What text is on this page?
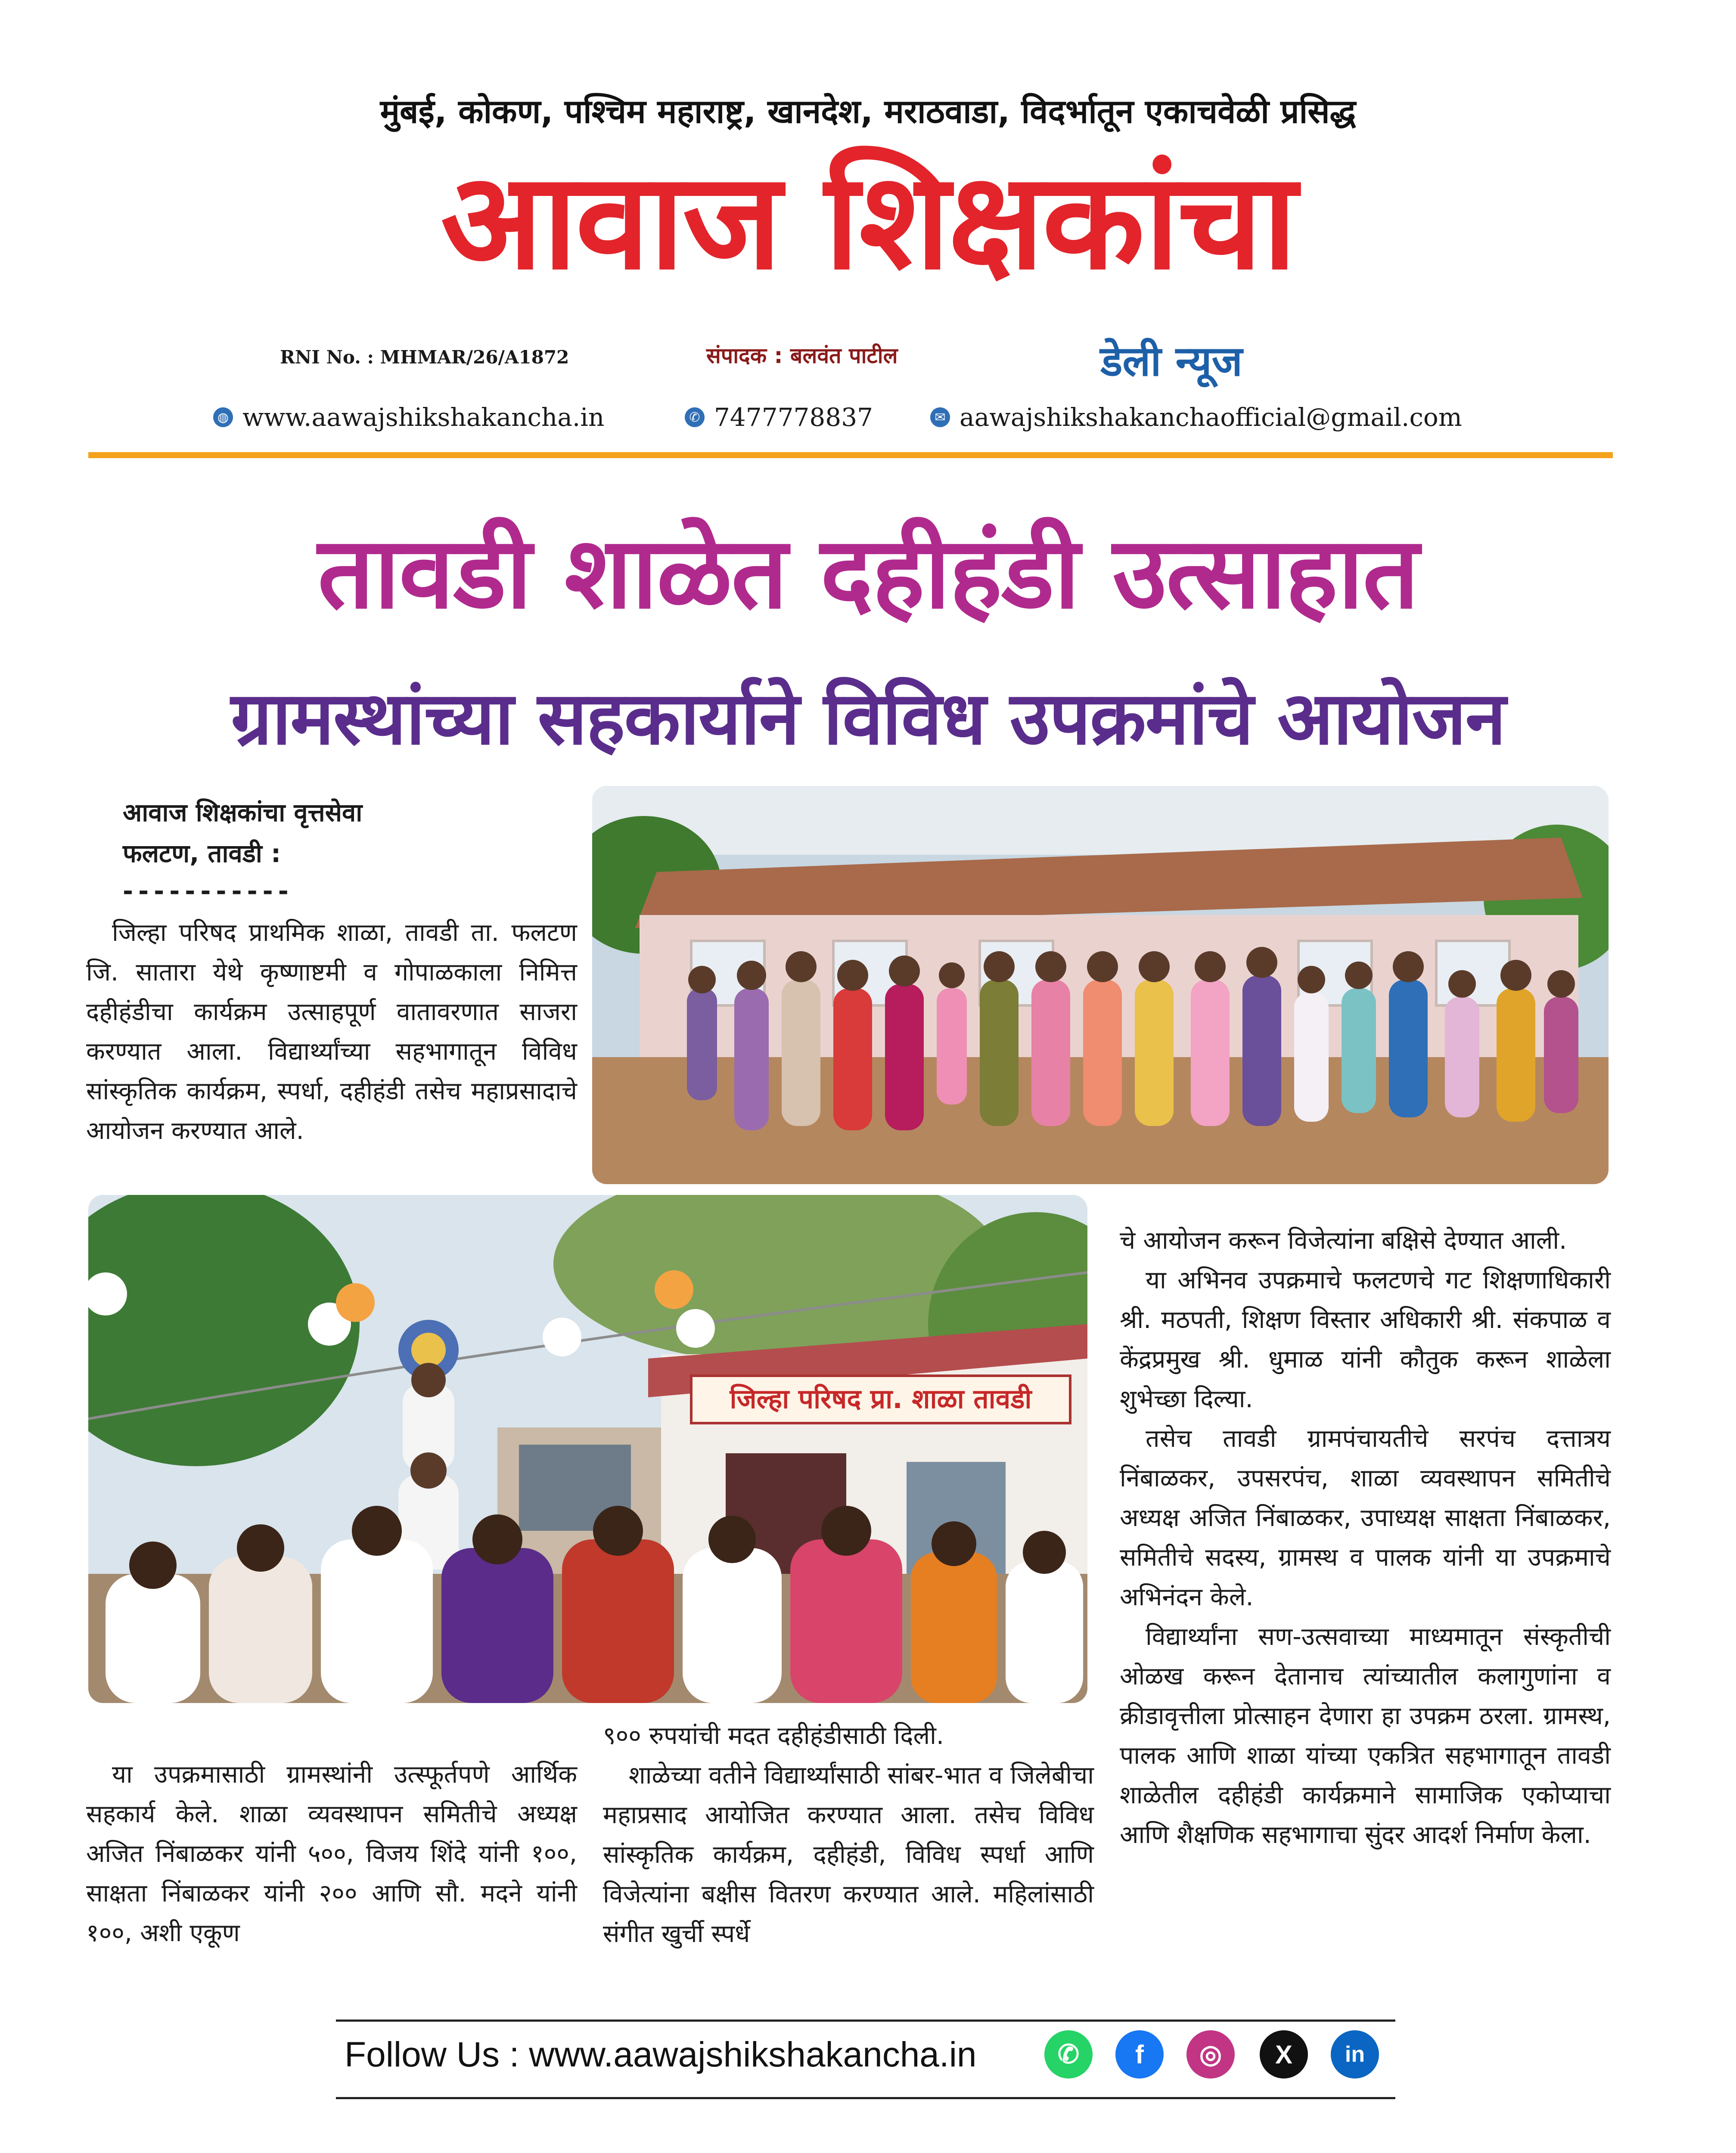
मुंबई, कोकण, पश्चिम महाराष्ट्र, खानदेश, मराठवाडा, विदर्भातून एकाचवेळी प्रसिद्ध
आवाज शिक्षकांचा
RNI No. : MHMAR/26/A1872	संपादक : बलवंत पाटील	डेली न्यूज
◍ www.aawajshikshakancha.in	✆ 7477778837	✉ aawajshikshakanchaofficial@gmail.com
तावडी शाळेत दहीहंडी उत्साहात
ग्रामस्थांच्या सहकार्याने विविध उपक्रमांचे आयोजन
आवाज शिक्षकांचा वृत्तसेवा
फलटण, तावडी :
-----------

जिल्हा परिषद प्राथमिक शाळा, तावडी ता. फलटण जि. सातारा येथे कृष्णाष्टमी व गोपाळकाला निमित्त दहीहंडीचा कार्यक्रम उत्साहपूर्ण वातावरणात साजरा करण्यात आला. विद्यार्थ्यांच्या सहभागातून विविध सांस्कृतिक कार्यक्रम, स्पर्धा, दहीहंडी तसेच महाप्रसादाचे आयोजन करण्यात आले.

जिल्हा परिषद प्रा. शाळा तावडी

या उपक्रमासाठी ग्रामस्थांनी उत्स्फूर्तपणे आर्थिक सहकार्य केले. शाळा व्यवस्थापन समितीचे अध्यक्ष अजित निंबाळकर यांनी ५००, विजय शिंदे यांनी १००, साक्षता निंबाळकर यांनी २०० आणि सौ. मदने यांनी १००, अशी एकूण

९०० रुपयांची मदत दहीहंडीसाठी दिली.

शाळेच्या वतीने विद्यार्थ्यांसाठी सांबर-भात व जिलेबीचा महाप्रसाद आयोजित करण्यात आला. तसेच विविध सांस्कृतिक कार्यक्रम, दहीहंडी, विविध स्पर्धा आणि विजेत्यांना बक्षीस वितरण करण्यात आले. महिलांसाठी संगीत खुर्ची स्पर्धे

चे आयोजन करून विजेत्यांना बक्षिसे देण्यात आली.

या अभिनव उपक्रमाचे फलटणचे गट शिक्षणाधिकारी श्री. मठपती, शिक्षण विस्तार अधिकारी श्री. संकपाळ व केंद्रप्रमुख श्री. धुमाळ यांनी कौतुक करून शाळेला शुभेच्छा दिल्या.

तसेच तावडी ग्रामपंचायतीचे सरपंच दत्तात्रय निंबाळकर, उपसरपंच, शाळा व्यवस्थापन समितीचे अध्यक्ष अजित निंबाळकर, उपाध्यक्ष साक्षता निंबाळकर, समितीचे सदस्य, ग्रामस्थ व पालक यांनी या उपक्रमाचे अभिनंदन केले.

विद्यार्थ्यांना सण-उत्सवाच्या माध्यमातून संस्कृतीची ओळख करून देतानाच त्यांच्यातील कलागुणांना व क्रीडावृत्तीला प्रोत्साहन देणारा हा उपक्रम ठरला. ग्रामस्थ, पालक आणि शाळा यांच्या एकत्रित सहभागातून तावडी शाळेतील दहीहंडी कार्यक्रमाने सामाजिक एकोप्याचा आणि शैक्षणिक सहभागाचा सुंदर आदर्श निर्माण केला.

Follow Us : www.aawajshikshakancha.in	✆	f	◎	X	in
